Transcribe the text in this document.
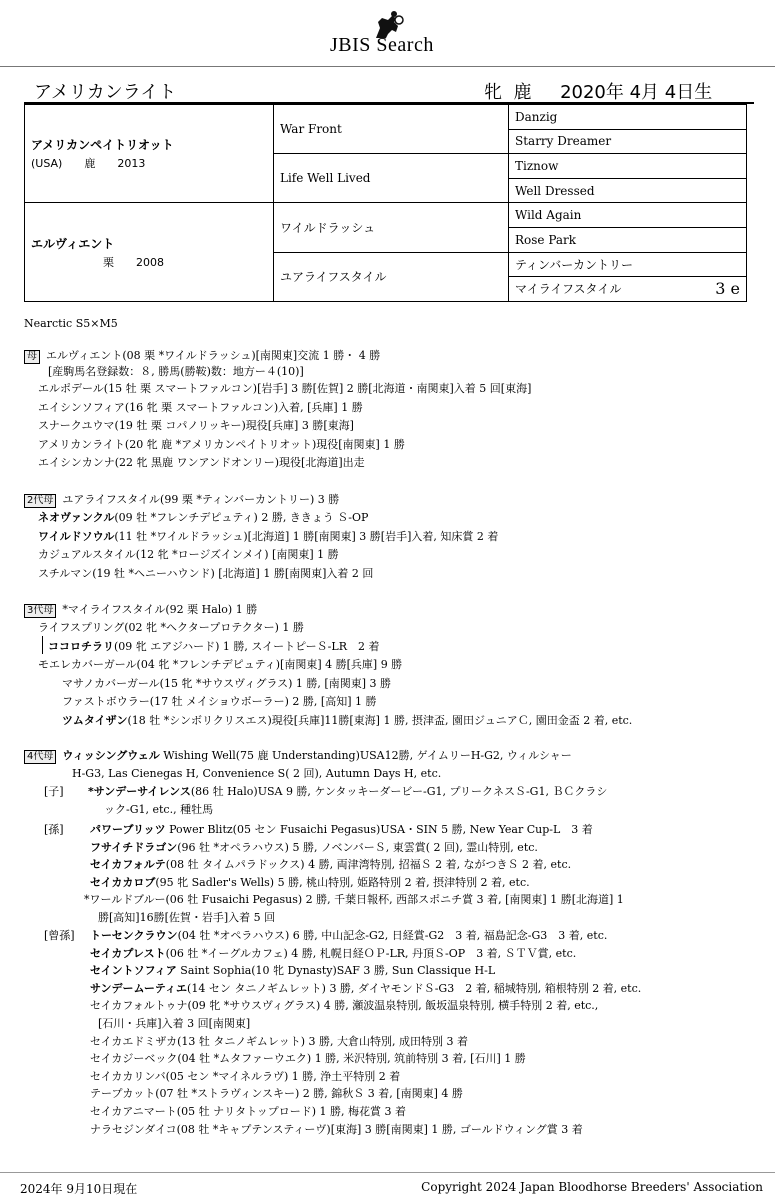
JBIS Search
アメリカンライト	牝 鹿 2020年 4月 4日生
アメリカンペイトリオット
(USA)　　鹿　　2013	War Front	Danzig
		Starry Dreamer
	Life Well Lived	Tiznow
		Well Dressed

エルヴィエント
栗　　2008	ワイルドラッシュ	Wild Again
		Rose Park
	ユアライフスタイル	ティンバーカントリー
		マイライフスタイル 3 e
Nearctic S5×M5
母 エルヴィエント(08 栗 *ワイルドラッシュ)[南関東]交流 1 勝・ 4 勝
[産駒馬名登録数：８, 勝馬(勝鞍)数：地方ー４(10)]
エルポデール(15 牡 栗 スマートファルコン)[岩手] 3 勝[佐賀] 2 勝[北海道・南関東]入着 5 回[東海]
エイシンソフィア(16 牝 栗 スマートファルコン)入着, [兵庫] 1 勝
スナークユウマ(19 牡 栗 コパノリッキー)現役[兵庫] 3 勝[東海]
アメリカンライト(20 牝 鹿 *アメリカンペイトリオット)現役[南関東] 1 勝
エイシンカンナ(22 牝 黒鹿 ワンアンドオンリー)現役[北海道]出走
2代母 ユアライフスタイル(99 栗 *ティンバーカントリー) 3 勝
ネオヴァンクル(09 牡 *フレンチデピュティ) 2 勝, ききょう Ｓ-OP
ワイルドソウル(11 牡 *ワイルドラッシュ)[北海道] 1 勝[南関東] 3 勝[岩手]入着, 知床賞 2 着
カジュアルスタイル(12 牝 *ロージズインメイ) [南関東] 1 勝
スチルマン(19 牡 *ヘニーハウンド) [北海道] 1 勝[南関東]入着 2 回
3代母 *マイライフスタイル(92 栗 Halo) 1 勝
ライフスプリング(02 牝 *ヘクタープロテクター) 1 勝
ココロチラリ(09 牝 エアジハード) 1 勝, スイートピーＳ-LR　2 着
モエレカバーガール(04 牝 *フレンチデピュティ)[南関東] 4 勝[兵庫] 9 勝
マサノカバーガール(15 牝 *サウスヴィグラス) 1 勝, [南関東] 3 勝
ファストボウラー(17 牡 メイショウボーラー) 2 勝, [高知] 1 勝
ツムタイザン(18 牡 *シンボリクリスエス)現役[兵庫]11勝[東海] 1 勝, 摂津盃, 園田ジュニアＣ, 園田金盃 2 着, etc.
4代母 ウィッシングウェル Wishing Well(75 鹿 Understanding)USA12勝, ゲイムリーH-G2, ウィルシャー
H-G3, Las Cienegas H, Convenience S( 2 回), Autumn Days H, etc.
[子] *サンデーサイレンス(86 牡 Halo)USA 9 勝, ケンタッキーダービー-G1, プリークネスＳ-G1, ＢＣクラシ
ック-G1, etc., 種牡馬
[孫] パワーブリッツ Power Blitz(05 セン Fusaichi Pegasus)USA・SIN 5 勝, New Year Cup-L　3 着
フサイチドラゴン(96 牡 *オペラハウス) 5 勝, ノベンバーＳ, 東雲賞( 2 回), 霊山特別, etc.
セイカフォルテ(08 牡 タイムパラドックス) 4 勝, 両津湾特別, 招福Ｓ 2 着, ながつきＳ 2 着, etc.
セイカカロブ(95 牝 Sadler's Wells) 5 勝, 桃山特別, 姫路特別 2 着, 摂津特別 2 着, etc.
*ワールドブルー(06 牡 Fusaichi Pegasus) 2 勝, 千葉日報杯, 西部スポニチ賞 3 着, [南関東] 1 勝[北海道] 1
勝[高知]16勝[佐賀・岩手]入着 5 回
[曾孫] トーセンクラウン(04 牡 *オペラハウス) 6 勝, 中山記念-G2, 日経賞-G2　3 着, 福島記念-G3　3 着, etc.
セイカプレスト(06 牡 *イーグルカフェ) 4 勝, 札幌日経ＯＰ-LR, 丹頂Ｓ-OP　3 着, ＳＴＶ賞, etc.
セイントソフィア Saint Sophia(10 牝 Dynasty)SAF 3 勝, Sun Classique H-L
サンデームーティエ(14 セン タニノギムレット) 3 勝, ダイヤモンドＳ-G3　2 着, 稲城特別, 箱根特別 2 着, etc.
セイカフォルトゥナ(09 牝 *サウスヴィグラス) 4 勝, 瀬波温泉特別, 飯坂温泉特別, 横手特別 2 着, etc.,
[石川・兵庫]入着 3 回[南関東]
セイカエドミザカ(13 牡 タニノギムレット) 3 勝, 大倉山特別, 成田特別 3 着
セイカジーベック(04 牡 *ムタファーウエク) 1 勝, 米沢特別, 筑前特別 3 着, [石川] 1 勝
セイカカリンバ(05 セン *マイネルラヴ) 1 勝, 浄土平特別 2 着
テープカット(07 牡 *ストラヴィンスキー) 2 勝, 錦秋Ｓ 3 着, [南関東] 4 勝
セイカアニマート(05 牡 ナリタトップロード) 1 勝, 梅花賞 3 着
ナラセジンダイコ(08 牡 *キャプテンスティーヴ)[東海] 3 勝[南関東] 1 勝, ゴールドウィング賞 3 着
2024年 9月10日現在	Copyright 2024 Japan Bloodhorse Breeders' Association
